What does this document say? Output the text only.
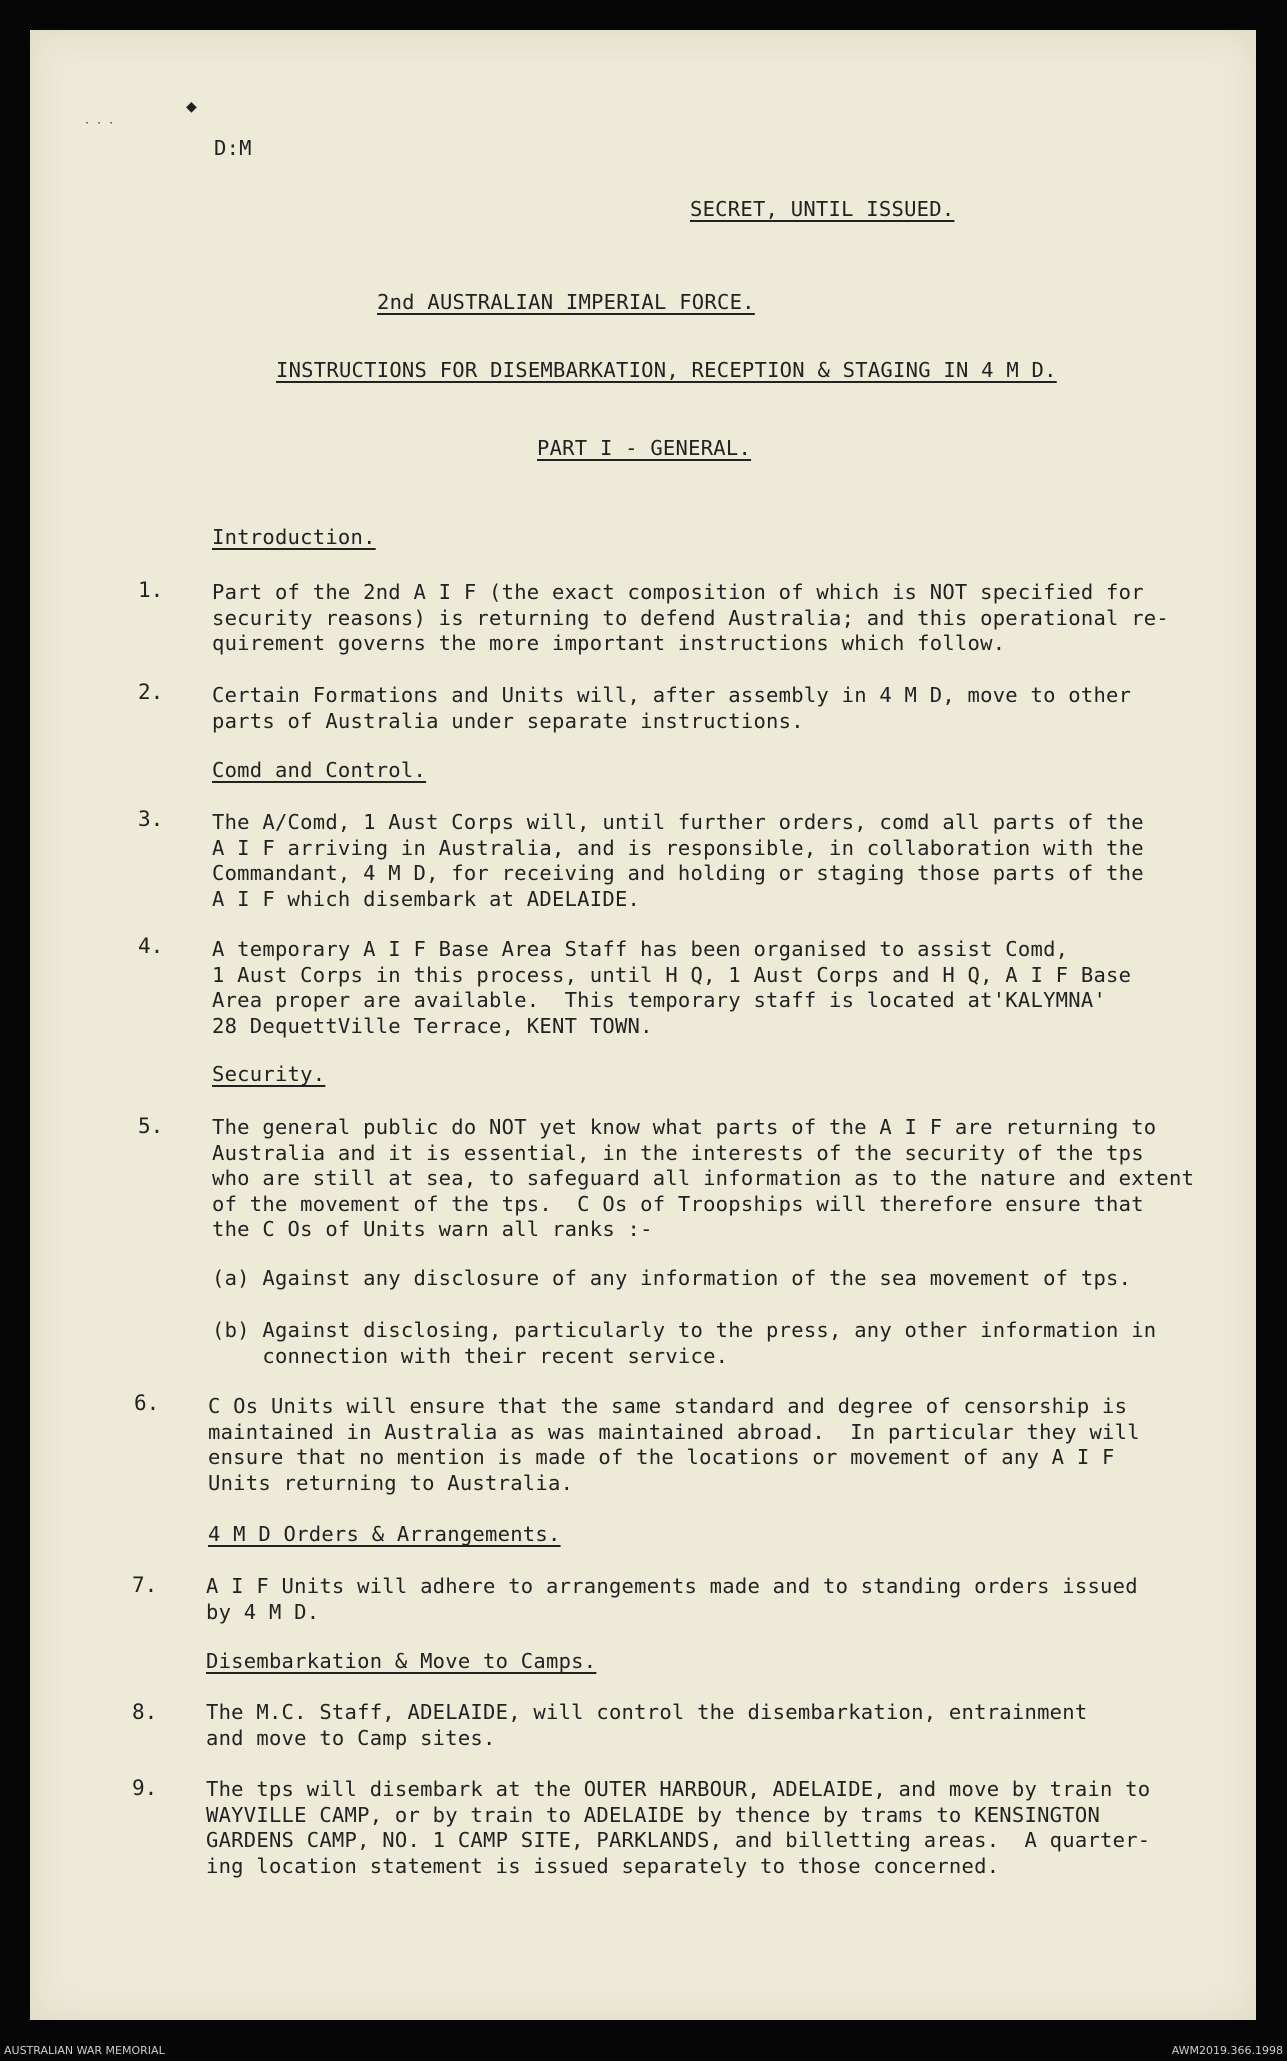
◆
· · ·
D:M
SECRET, UNTIL ISSUED.
2nd AUSTRALIAN IMPERIAL FORCE.
INSTRUCTIONS FOR DISEMBARKATION, RECEPTION & STAGING IN 4 M D.
PART I - GENERAL.
Introduction.
1. Part of the 2nd A I F (the exact composition of which is NOT specified for
security reasons) is returning to defend Australia; and this operational re-
quirement governs the more important instructions which follow.
2. Certain Formations and Units will, after assembly in 4 M D, move to other
parts of Australia under separate instructions.
Comd and Control.
3. The A/Comd, 1 Aust Corps will, until further orders, comd all parts of the
A I F arriving in Australia, and is responsible, in collaboration with the
Commandant, 4 M D, for receiving and holding or staging those parts of the
A I F which disembark at ADELAIDE.
4. A temporary A I F Base Area Staff has been organised to assist Comd,
1 Aust Corps in this process, until H Q, 1 Aust Corps and H Q, A I F Base
Area proper are available.  This temporary staff is located at'KALYMNA'
28 DequettVille Terrace, KENT TOWN.
Security.
5. The general public do NOT yet know what parts of the A I F are returning to
Australia and it is essential, in the interests of the security of the tps
who are still at sea, to safeguard all information as to the nature and extent
of the movement of the tps.  C Os of Troopships will therefore ensure that
the C Os of Units warn all ranks :-
(a) Against any disclosure of any information of the sea movement of tps.
(b) Against disclosing, particularly to the press, any other information in
connection with their recent service.
6. C Os Units will ensure that the same standard and degree of censorship is
maintained in Australia as was maintained abroad.  In particular they will
ensure that no mention is made of the locations or movement of any A I F
Units returning to Australia.
4 M D Orders & Arrangements.
7. A I F Units will adhere to arrangements made and to standing orders issued
by 4 M D.
Disembarkation & Move to Camps.
8. The M.C. Staff, ADELAIDE, will control the disembarkation, entrainment
and move to Camp sites.
9. The tps will disembark at the OUTER HARBOUR, ADELAIDE, and move by train to
WAYVILLE CAMP, or by train to ADELAIDE by thence by trams to KENSINGTON
GARDENS CAMP, NO. 1 CAMP SITE, PARKLANDS, and billetting areas.  A quarter-
ing location statement is issued separately to those concerned.
AUSTRALIAN WAR MEMORIAL	AWM2019.366.1998
